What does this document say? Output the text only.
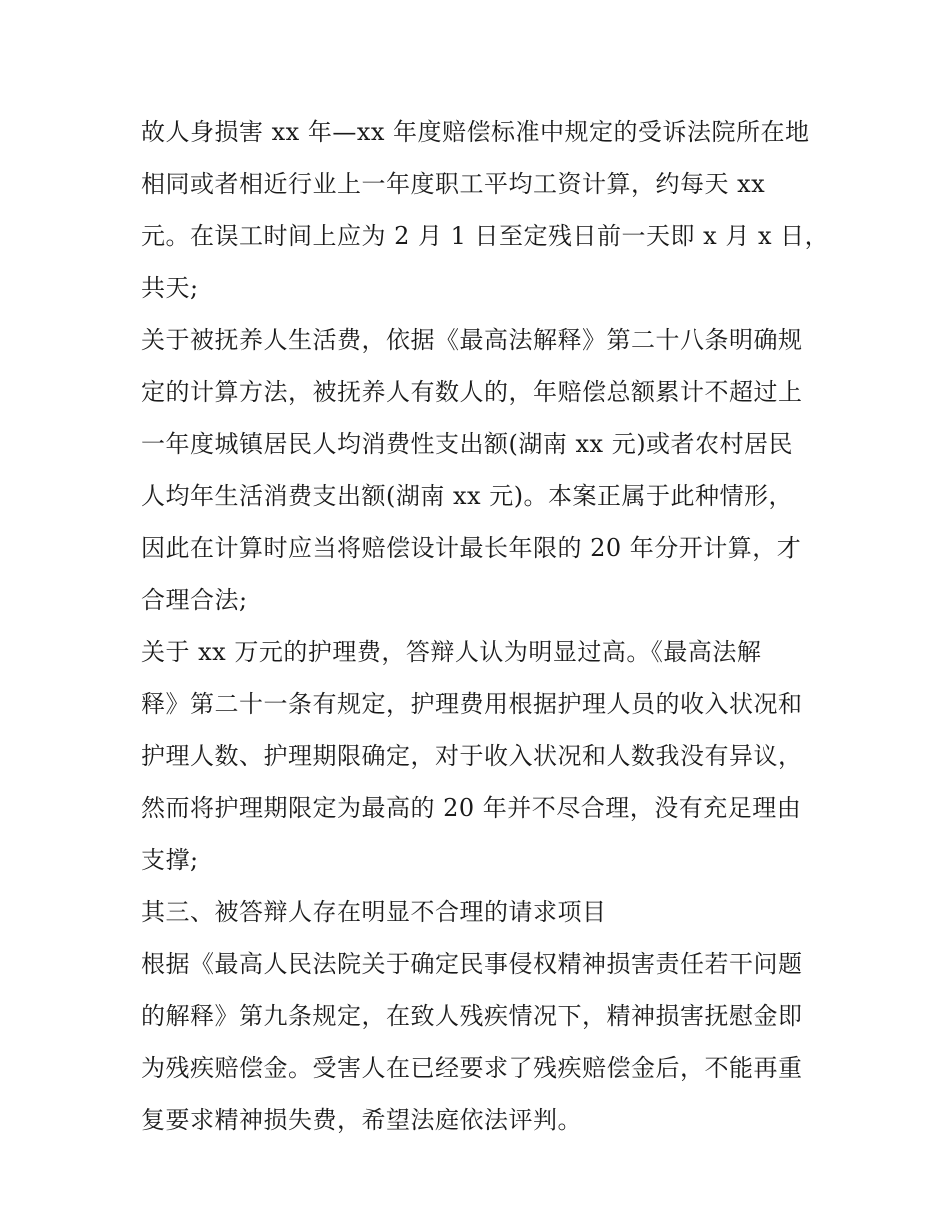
故人身损害 xx 年—xx 年度赔偿标准中规定的受诉法院所在地
相同或者相近行业上一年度职工平均工资计算，约每天 xx
元。在误工时间上应为 2 月 1 日至定残日前一天即 x 月 x 日，
共天;
关于被抚养人生活费，依据《最高法解释》第二十八条明确规
定的计算方法，被抚养人有数人的，年赔偿总额累计不超过上
一年度城镇居民人均消费性支出额(湖南 xx 元)或者农村居民
人均年生活消费支出额(湖南 xx 元)。本案正属于此种情形，
因此在计算时应当将赔偿设计最长年限的 20 年分开计算，才
合理合法;
关于 xx 万元的护理费，答辩人认为明显过高。《最高法解
释》第二十一条有规定，护理费用根据护理人员的收入状况和
护理人数、护理期限确定，对于收入状况和人数我没有异议，
然而将护理期限定为最高的 20 年并不尽合理，没有充足理由
支撑;
其三、被答辩人存在明显不合理的请求项目
根据《最高人民法院关于确定民事侵权精神损害责任若干问题
的解释》第九条规定，在致人残疾情况下，精神损害抚慰金即
为残疾赔偿金。受害人在已经要求了残疾赔偿金后，不能再重
复要求精神损失费，希望法庭依法评判。
